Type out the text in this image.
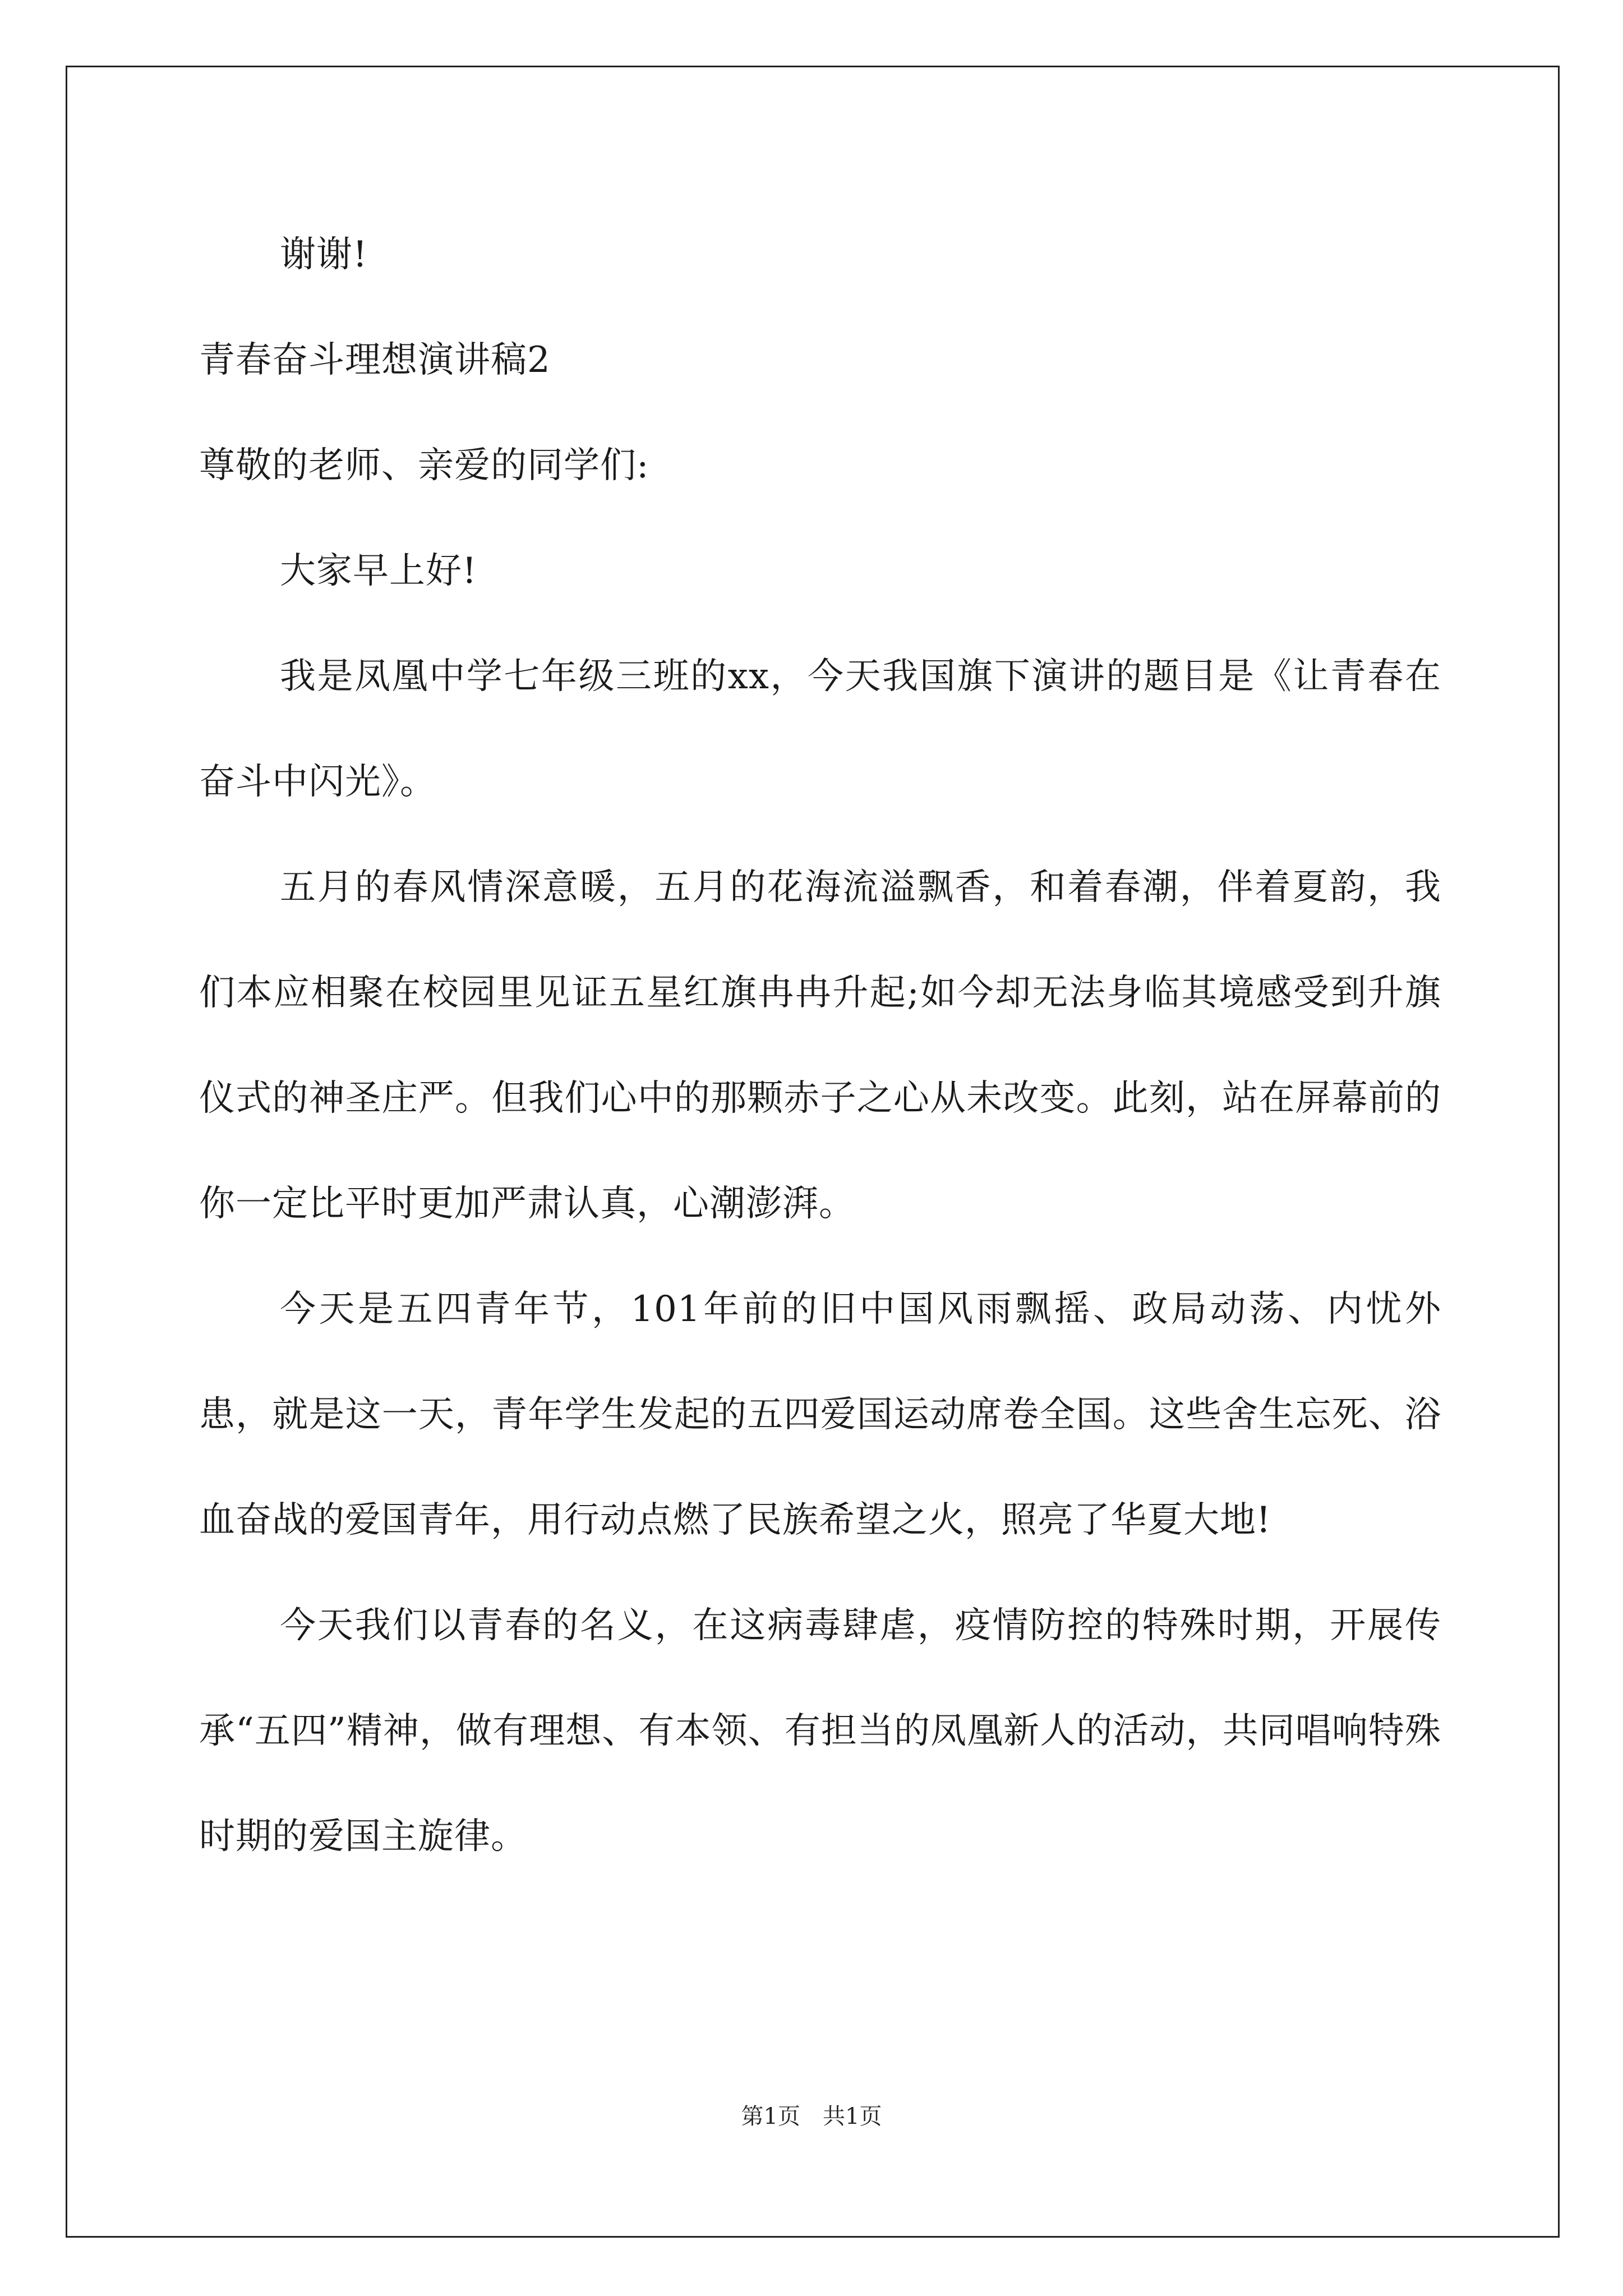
谢谢!

青春奋斗理想演讲稿2

尊敬的老师、亲爱的同学们:

大家早上好!

我是凤凰中学七年级三班的xx，今天我国旗下演讲的题目是《让青春在奋斗中闪光》。

五月的春风情深意暖，五月的花海流溢飘香，和着春潮，伴着夏韵，我们本应相聚在校园里见证五星红旗冉冉升起;如今却无法身临其境感受到升旗仪式的神圣庄严。但我们心中的那颗赤子之心从未改变。此刻，站在屏幕前的你一定比平时更加严肃认真，心潮澎湃。

今天是五四青年节，101年前的旧中国风雨飘摇、政局动荡、内忧外患，就是这一天，青年学生发起的五四爱国运动席卷全国。这些舍生忘死、浴血奋战的爱国青年，用行动点燃了民族希望之火，照亮了华夏大地!

今天我们以青春的名义，在这病毒肆虐，疫情防控的特殊时期，开展传承“五四”精神，做有理想、有本领、有担当的凤凰新人的活动，共同唱响特殊时期的爱国主旋律。

第1页　共1页
